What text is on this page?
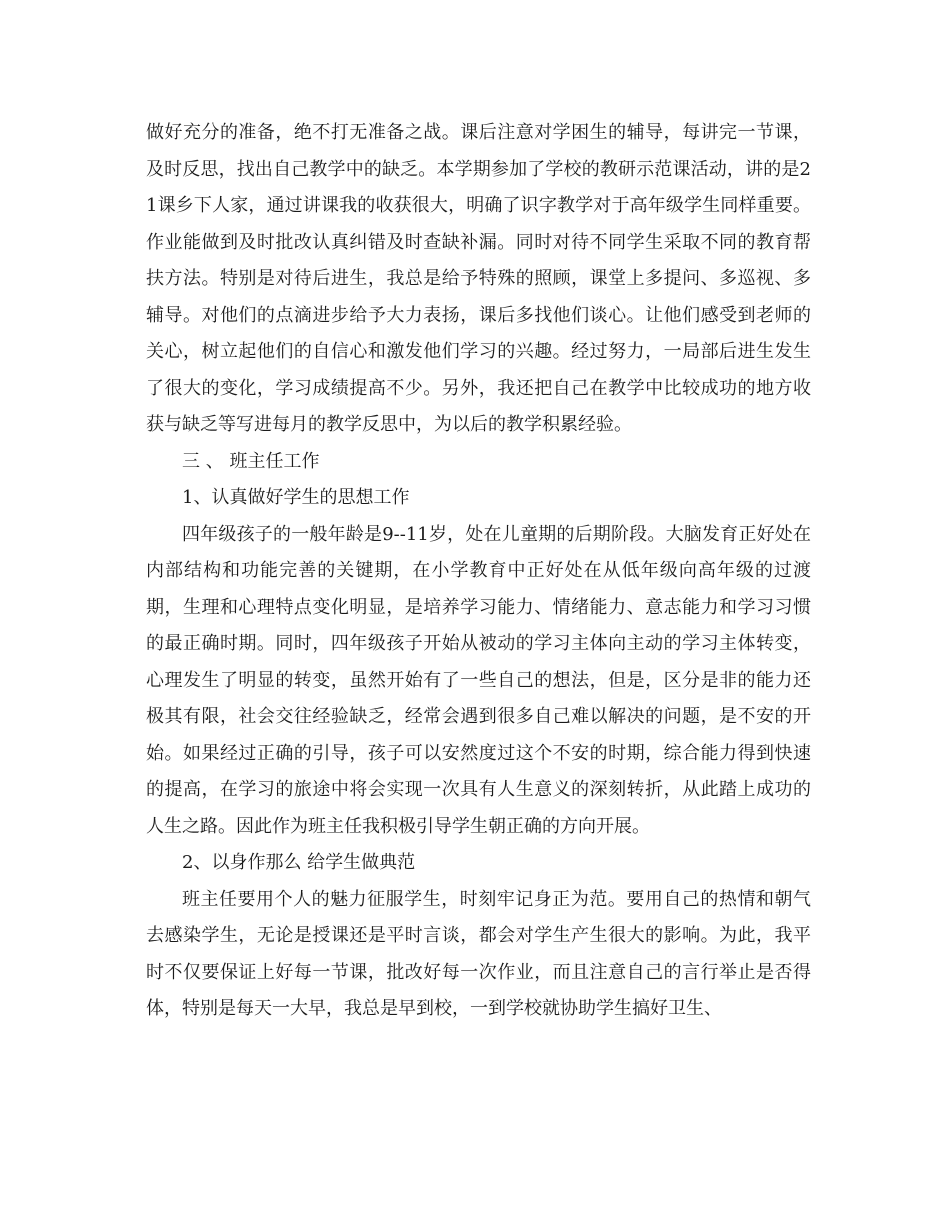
做好充分的准备，绝不打无准备之战。课后注意对学困生的辅导，每讲完一节课，及时反思，找出自己教学中的缺乏。本学期参加了学校的教研示范课活动，讲的是21课乡下人家，通过讲课我的收获很大，明确了识字教学对于高年级学生同样重要。作业能做到及时批改认真纠错及时查缺补漏。同时对待不同学生采取不同的教育帮扶方法。特别是对待后进生，我总是给予特殊的照顾，课堂上多提问、多巡视、多辅导。对他们的点滴进步给予大力表扬，课后多找他们谈心。让他们感受到老师的关心，树立起他们的自信心和激发他们学习的兴趣。经过努力，一局部后进生发生了很大的变化，学习成绩提高不少。另外，我还把自己在教学中比较成功的地方收获与缺乏等写进每月的教学反思中，为以后的教学积累经验。

三 、 班主任工作

1、认真做好学生的思想工作

四年级孩子的一般年龄是9--11岁，处在儿童期的后期阶段。大脑发育正好处在内部结构和功能完善的关键期，在小学教育中正好处在从低年级向高年级的过渡期，生理和心理特点变化明显，是培养学习能力、情绪能力、意志能力和学习习惯的最正确时期。同时，四年级孩子开始从被动的学习主体向主动的学习主体转变，心理发生了明显的转变，虽然开始有了一些自己的想法，但是，区分是非的能力还极其有限，社会交往经验缺乏，经常会遇到很多自己难以解决的问题，是不安的开始。如果经过正确的引导，孩子可以安然度过这个不安的时期，综合能力得到快速的提高，在学习的旅途中将会实现一次具有人生意义的深刻转折，从此踏上成功的人生之路。因此作为班主任我积极引导学生朝正确的方向开展。

2、以身作那么 给学生做典范

班主任要用个人的魅力征服学生，时刻牢记身正为范。要用自己的热情和朝气去感染学生，无论是授课还是平时言谈，都会对学生产生很大的影响。为此，我平时不仅要保证上好每一节课，批改好每一次作业，而且注意自己的言行举止是否得体，特别是每天一大早，我总是早到校，一到学校就协助学生搞好卫生、
